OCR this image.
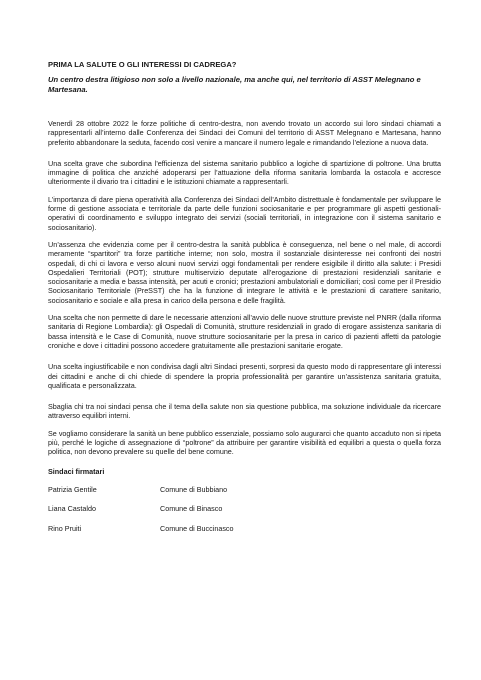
PRIMA LA SALUTE O GLI INTERESSI DI CADREGA?
Un centro destra litigioso non solo a livello nazionale, ma anche qui, nel territorio di ASST Melegnano e Martesana.

Venerdì 28 ottobre 2022 le forze politiche di centro-destra, non avendo trovato un accordo sui loro sindaci chiamati a rappresentarli all’interno dalle Conferenza dei Sindaci dei Comuni del territorio di ASST Melegnano e Martesana, hanno preferito abbandonare la seduta, facendo così venire a mancare il numero legale e rimandando l’elezione a nuova data.

Una scelta grave che subordina l’efficienza del sistema sanitario pubblico a logiche di spartizione di poltrone. Una brutta immagine di politica che anziché adoperarsi per l’attuazione della riforma sanitaria lombarda la ostacola e accresce ulteriormente il divario tra i cittadini e le istituzioni chiamate a rappresentarli.

L’importanza di dare piena operatività alla Conferenza dei Sindaci dell’Ambito distrettuale è fondamentale per sviluppare le forme di gestione associata e territoriale da parte delle funzioni sociosanitarie e per programmare gli aspetti gestionali-operativi di coordinamento e sviluppo integrato dei servizi (sociali territoriali, in integrazione con il sistema sanitario e sociosanitario).

Un’assenza che evidenzia come per il centro-destra la sanità pubblica è conseguenza, nel bene o nel male, di accordi meramente “spartitori” tra forze partitiche interne; non solo, mostra il sostanziale disinteresse nei confronti dei nostri ospedali, di chi ci lavora e verso alcuni nuovi servizi oggi fondamentali per rendere esigibile il diritto alla salute: i Presidi Ospedalieri Territoriali (POT); strutture multiservizio deputate all’erogazione di prestazioni residenziali sanitarie e sociosanitarie a media e bassa intensità, per acuti e cronici; prestazioni ambulatoriali e domiciliari; così come per il Presidio Sociosanitario Territoriale (PreSST) che ha la funzione di integrare le attività e le prestazioni di carattere sanitario, sociosanitario e sociale e alla presa in carico della persona e delle fragilità.

Una scelta che non permette di dare le necessarie attenzioni all’avvio delle nuove strutture previste nel PNRR (dalla riforma sanitaria di Regione Lombardia): gli Ospedali di Comunità, strutture residenziali in grado di erogare assistenza sanitaria di bassa intensità e le Case di Comunità, nuove strutture sociosanitarie per la presa in carico di pazienti affetti da patologie croniche e dove i cittadini possono accedere gratuitamente alle prestazioni sanitarie erogate.

Una scelta ingiustificabile e non condivisa dagli altri Sindaci presenti, sorpresi da questo modo di rappresentare gli interessi dei cittadini e anche di chi chiede di spendere la propria professionalità per garantire un’assistenza sanitaria gratuita, qualificata e personalizzata.

Sbaglia chi tra noi sindaci pensa che il tema della salute non sia questione pubblica, ma soluzione individuale da ricercare attraverso equilibri interni.

Se vogliamo considerare la sanità un bene pubblico essenziale, possiamo solo augurarci che quanto accaduto non si ripeta più, perché le logiche di assegnazione di “poltrone” da attribuire per garantire visibilità ed equilibri a questa o quella forza politica, non devono prevalere su quelle del bene comune.

Sindaci firmatari
Patrizia Gentile	Comune di Bubbiano
Liana Castaldo	Comune di Binasco
Rino Pruiti	Comune di Buccinasco
